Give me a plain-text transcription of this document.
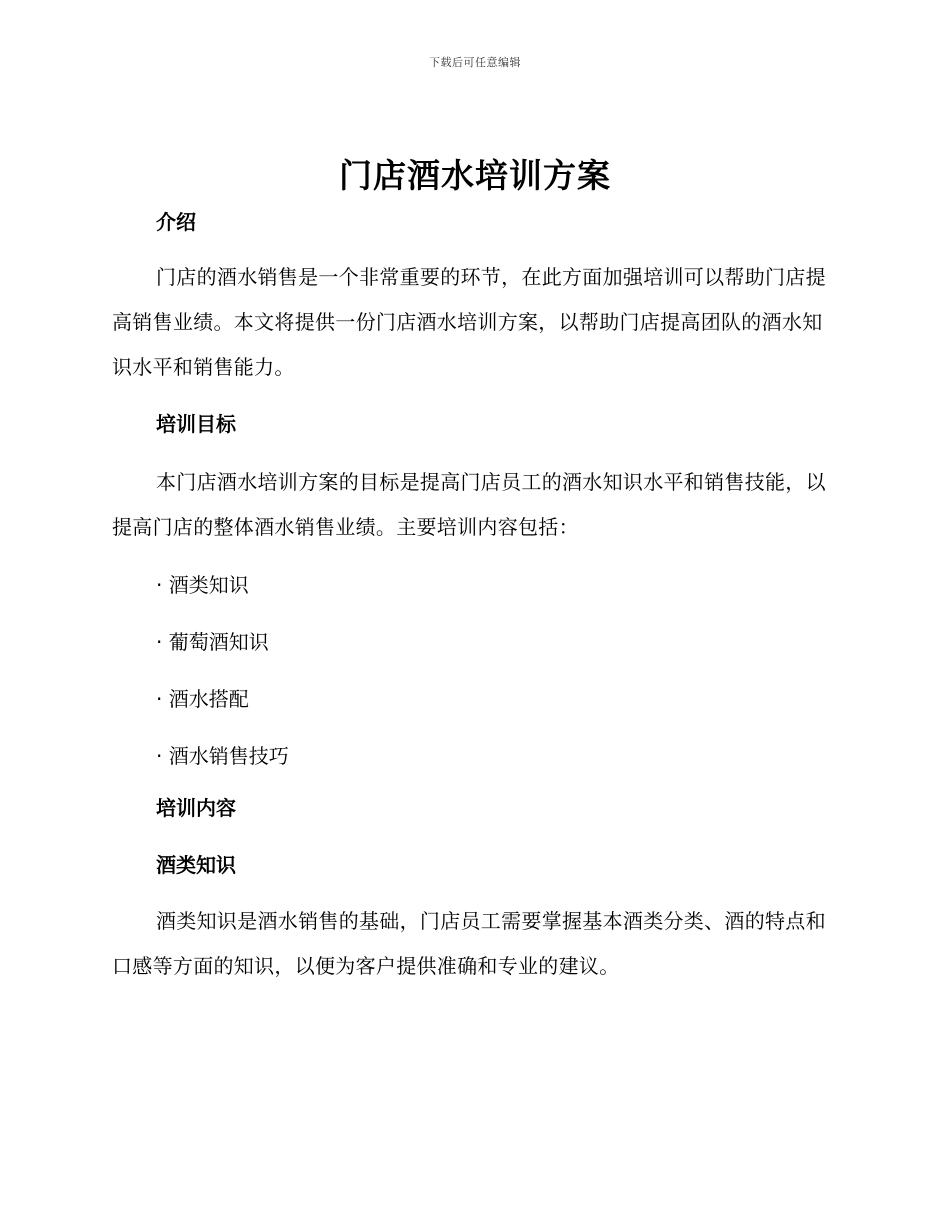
下载后可任意编辑
门店酒水培训方案

介绍

门店的酒水销售是一个非常重要的环节，在此方面加强培训可以帮助门店提高销售业绩。本文将提供一份门店酒水培训方案，以帮助门店提高团队的酒水知识水平和销售能力。

培训目标

本门店酒水培训方案的目标是提高门店员工的酒水知识水平和销售技能，以提高门店的整体酒水销售业绩。主要培训内容包括：

· 酒类知识

· 葡萄酒知识

· 酒水搭配

· 酒水销售技巧

培训内容

酒类知识

酒类知识是酒水销售的基础，门店员工需要掌握基本酒类分类、酒的特点和口感等方面的知识，以便为客户提供准确和专业的建议。
